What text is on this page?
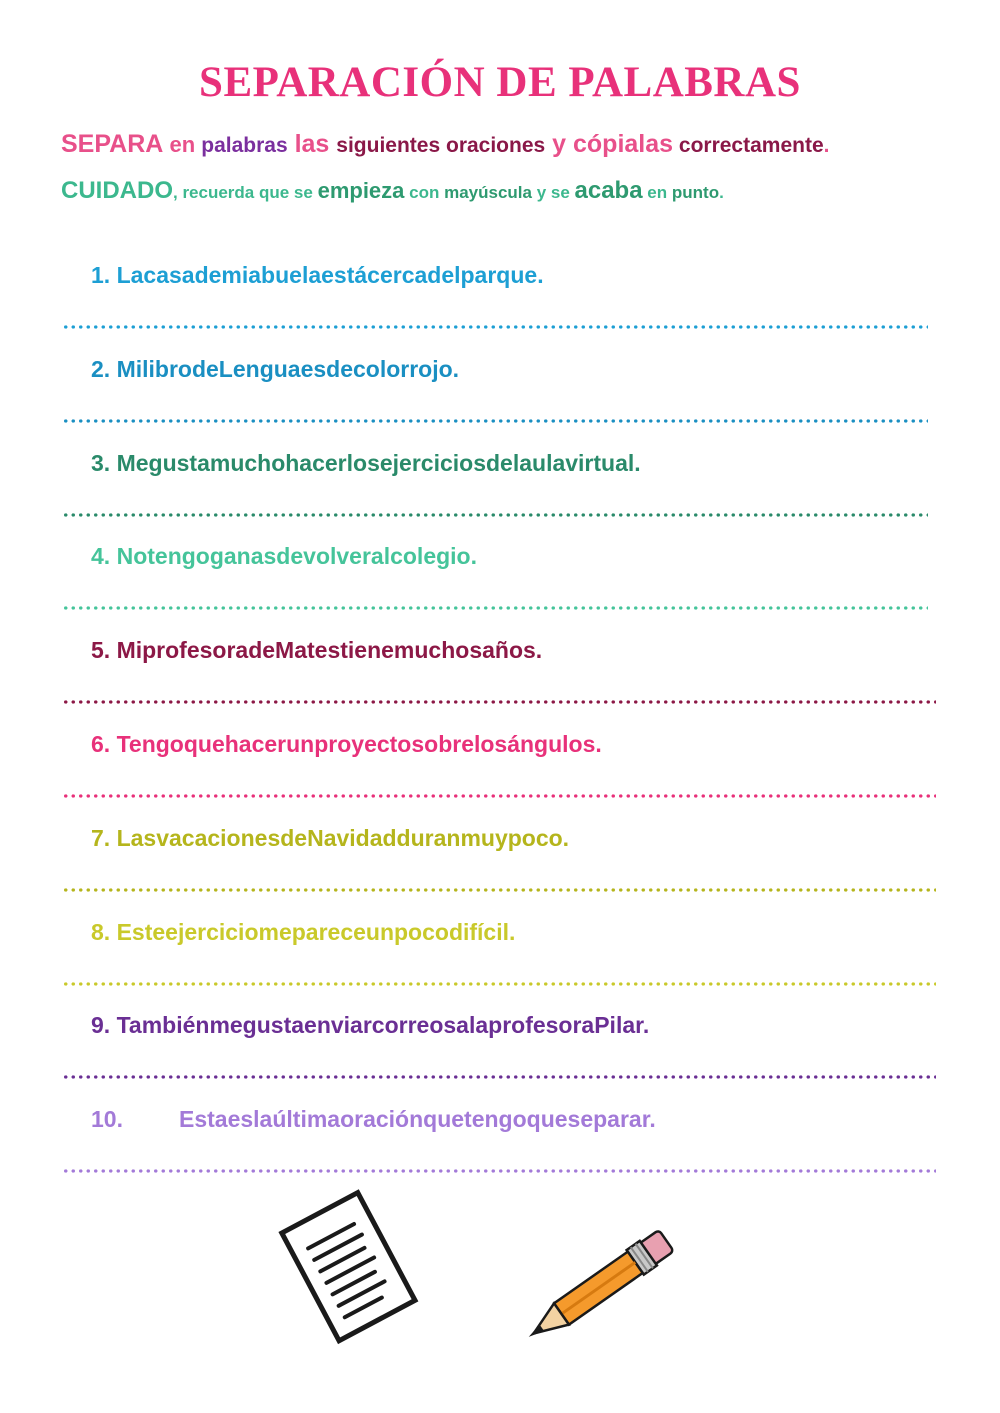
SEPARACIÓN DE PALABRAS
SEPARA en palabras las siguientes oraciones y cópialas correctamente.
CUIDADO, recuerda que se empieza con mayúscula y se acaba en punto.
1. Lacasademiabuelaestácercadelparque.
2. MilibrodeLenguaesdecolorrojo.
3. Megustamuchohacerlosejerciciosdelaulavirtual.
4. Notengoganasdevolveralcolegio.
5. MiprofesoradeMatestienemuchosaños.
6. Tengoquehacerunproyectosobrelosángulos.
7. LasvacacionesdeNavidadduranmuypoco.
8. Esteejerciciomepareceunpocodifícil.
9. TambiénmegustaenviarcorreosalaprofesoraPilar.
10. Estaeslaúltimaoraciónquetengoqueseparar.
